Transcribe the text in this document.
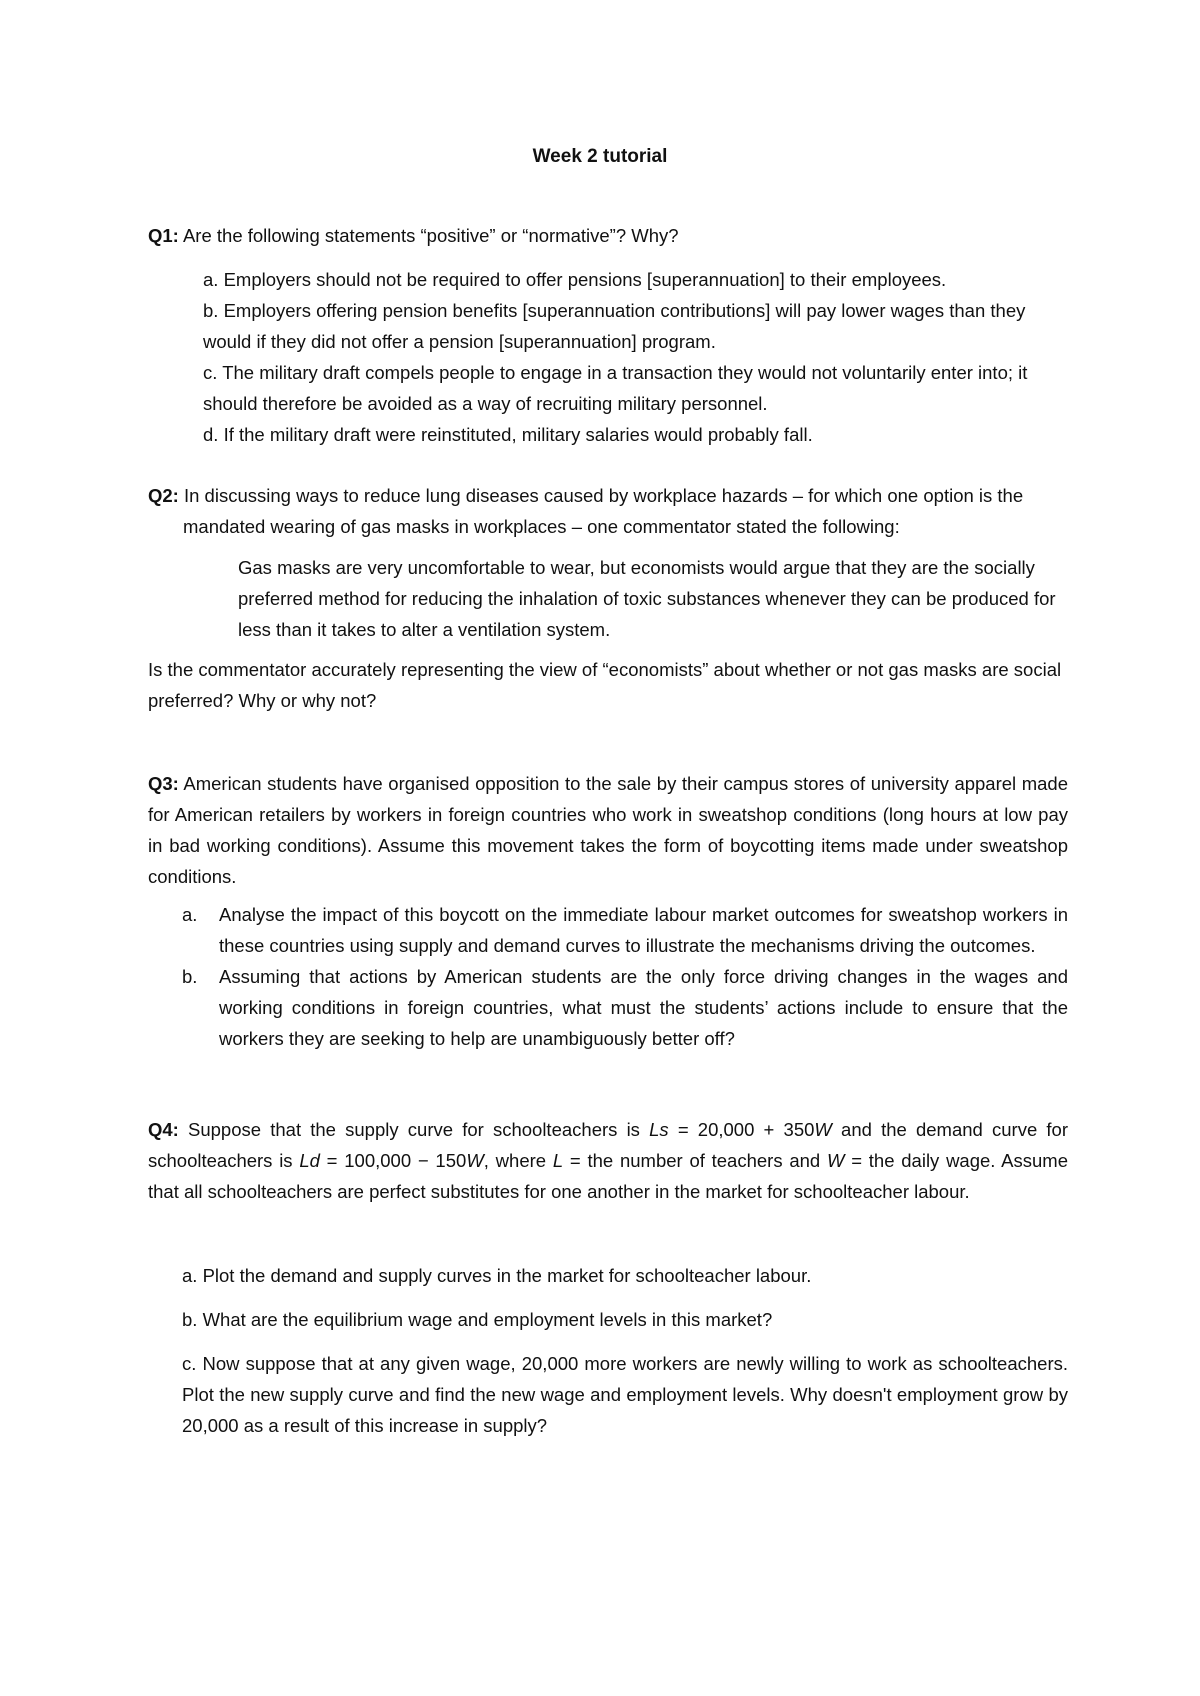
Week 2 tutorial
Q1: Are the following statements “positive” or “normative”? Why?

a. Employers should not be required to offer pensions [superannuation] to their employees.

b. Employers offering pension benefits [superannuation contributions] will pay lower wages than they would if they did not offer a pension [superannuation] program.

c. The military draft compels people to engage in a transaction they would not voluntarily enter into; it should therefore be avoided as a way of recruiting military personnel.

d. If the military draft were reinstituted, military salaries would probably fall.

Q2: In discussing ways to reduce lung diseases caused by workplace hazards – for which one option is the mandated wearing of gas masks in workplaces – one commentator stated the following:
Gas masks are very uncomfortable to wear, but economists would argue that they are the socially preferred method for reducing the inhalation of toxic substances whenever they can be produced for less than it takes to alter a ventilation system.
Is the commentator accurately representing the view of “economists” about whether or not gas masks are social preferred? Why or why not?
Q3: American students have organised opposition to the sale by their campus stores of university apparel made for American retailers by workers in foreign countries who work in sweatshop conditions (long hours at low pay in bad working conditions). Assume this movement takes the form of boycotting items made under sweatshop conditions.
a. Analyse the impact of this boycott on the immediate labour market outcomes for sweatshop workers in these countries using supply and demand curves to illustrate the mechanisms driving the outcomes.
b. Assuming that actions by American students are the only force driving changes in the wages and working conditions in foreign countries, what must the students’ actions include to ensure that the workers they are seeking to help are unambiguously better off?
Q4: Suppose that the supply curve for schoolteachers is Ls = 20,000 + 350W and the demand curve for schoolteachers is Ld = 100,000 − 150W, where L = the number of teachers and W = the daily wage. Assume that all schoolteachers are perfect substitutes for one another in the market for schoolteacher labour.
a. Plot the demand and supply curves in the market for schoolteacher labour.
b. What are the equilibrium wage and employment levels in this market?
c. Now suppose that at any given wage, 20,000 more workers are newly willing to work as schoolteachers. Plot the new supply curve and find the new wage and employment levels. Why doesn't employment grow by 20,000 as a result of this increase in supply?
